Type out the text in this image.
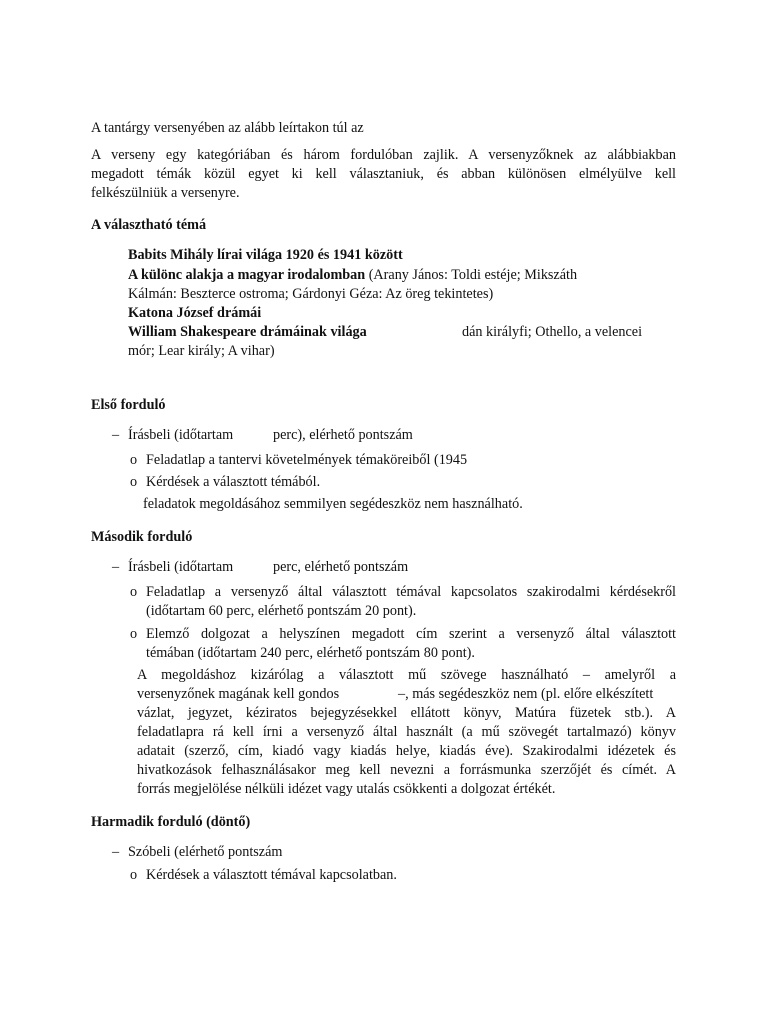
A tantárgy versenyében az alább leírtakon túl az
A verseny egy kategóriában és három fordulóban zajlik. A versenyzőknek az alábbiakban
megadott témák közül egyet ki kell választaniuk, és abban különösen elmélyülve kell
felkészülniük a versenyre.
A választható témá
Babits Mihály lírai világa 1920 és 1941 között
A különc alakja a magyar irodalomban (Arany János: Toldi estéje; Mikszáth
Kálmán: Beszterce ostroma; Gárdonyi Géza: Az öreg tekintetes)
Katona József drámái
William Shakespeare drámáinak világa	dán királyfi; Othello, a velencei
mór; Lear király; A vihar)
Első forduló
– Írásbeli (időtartam	perc), elérhető pontszám
o Feladatlap a tantervi követelmények témaköreiből (1945
o Kérdések a választott témából.
feladatok megoldásához semmilyen segédeszköz nem használható.
Második forduló
– Írásbeli (időtartam	perc, elérhető pontszám
o Feladatlap a versenyző által választott témával kapcsolatos szakirodalmi kérdésekről
(időtartam 60 perc, elérhető pontszám 20 pont).
o Elemző dolgozat a helyszínen megadott cím szerint a versenyző által választott
témában (időtartam 240 perc, elérhető pontszám 80 pont).
A megoldáshoz kizárólag a választott mű szövege használható – amelyről a
versenyzőnek magának kell gondos	–, más segédeszköz nem (pl. előre elkészített
vázlat, jegyzet, kéziratos bejegyzésekkel ellátott könyv, Matúra füzetek stb.). A
feladatlapra rá kell írni a versenyző által használt (a mű szövegét tartalmazó) könyv
adatait (szerző, cím, kiadó vagy kiadás helye, kiadás éve). Szakirodalmi idézetek és
hivatkozások felhasználásakor meg kell nevezni a forrásmunka szerzőjét és címét. A
forrás megjelölése nélküli idézet vagy utalás csökkenti a dolgozat értékét.
Harmadik forduló (döntő)
– Szóbeli (elérhető pontszám
o Kérdések a választott témával kapcsolatban.
